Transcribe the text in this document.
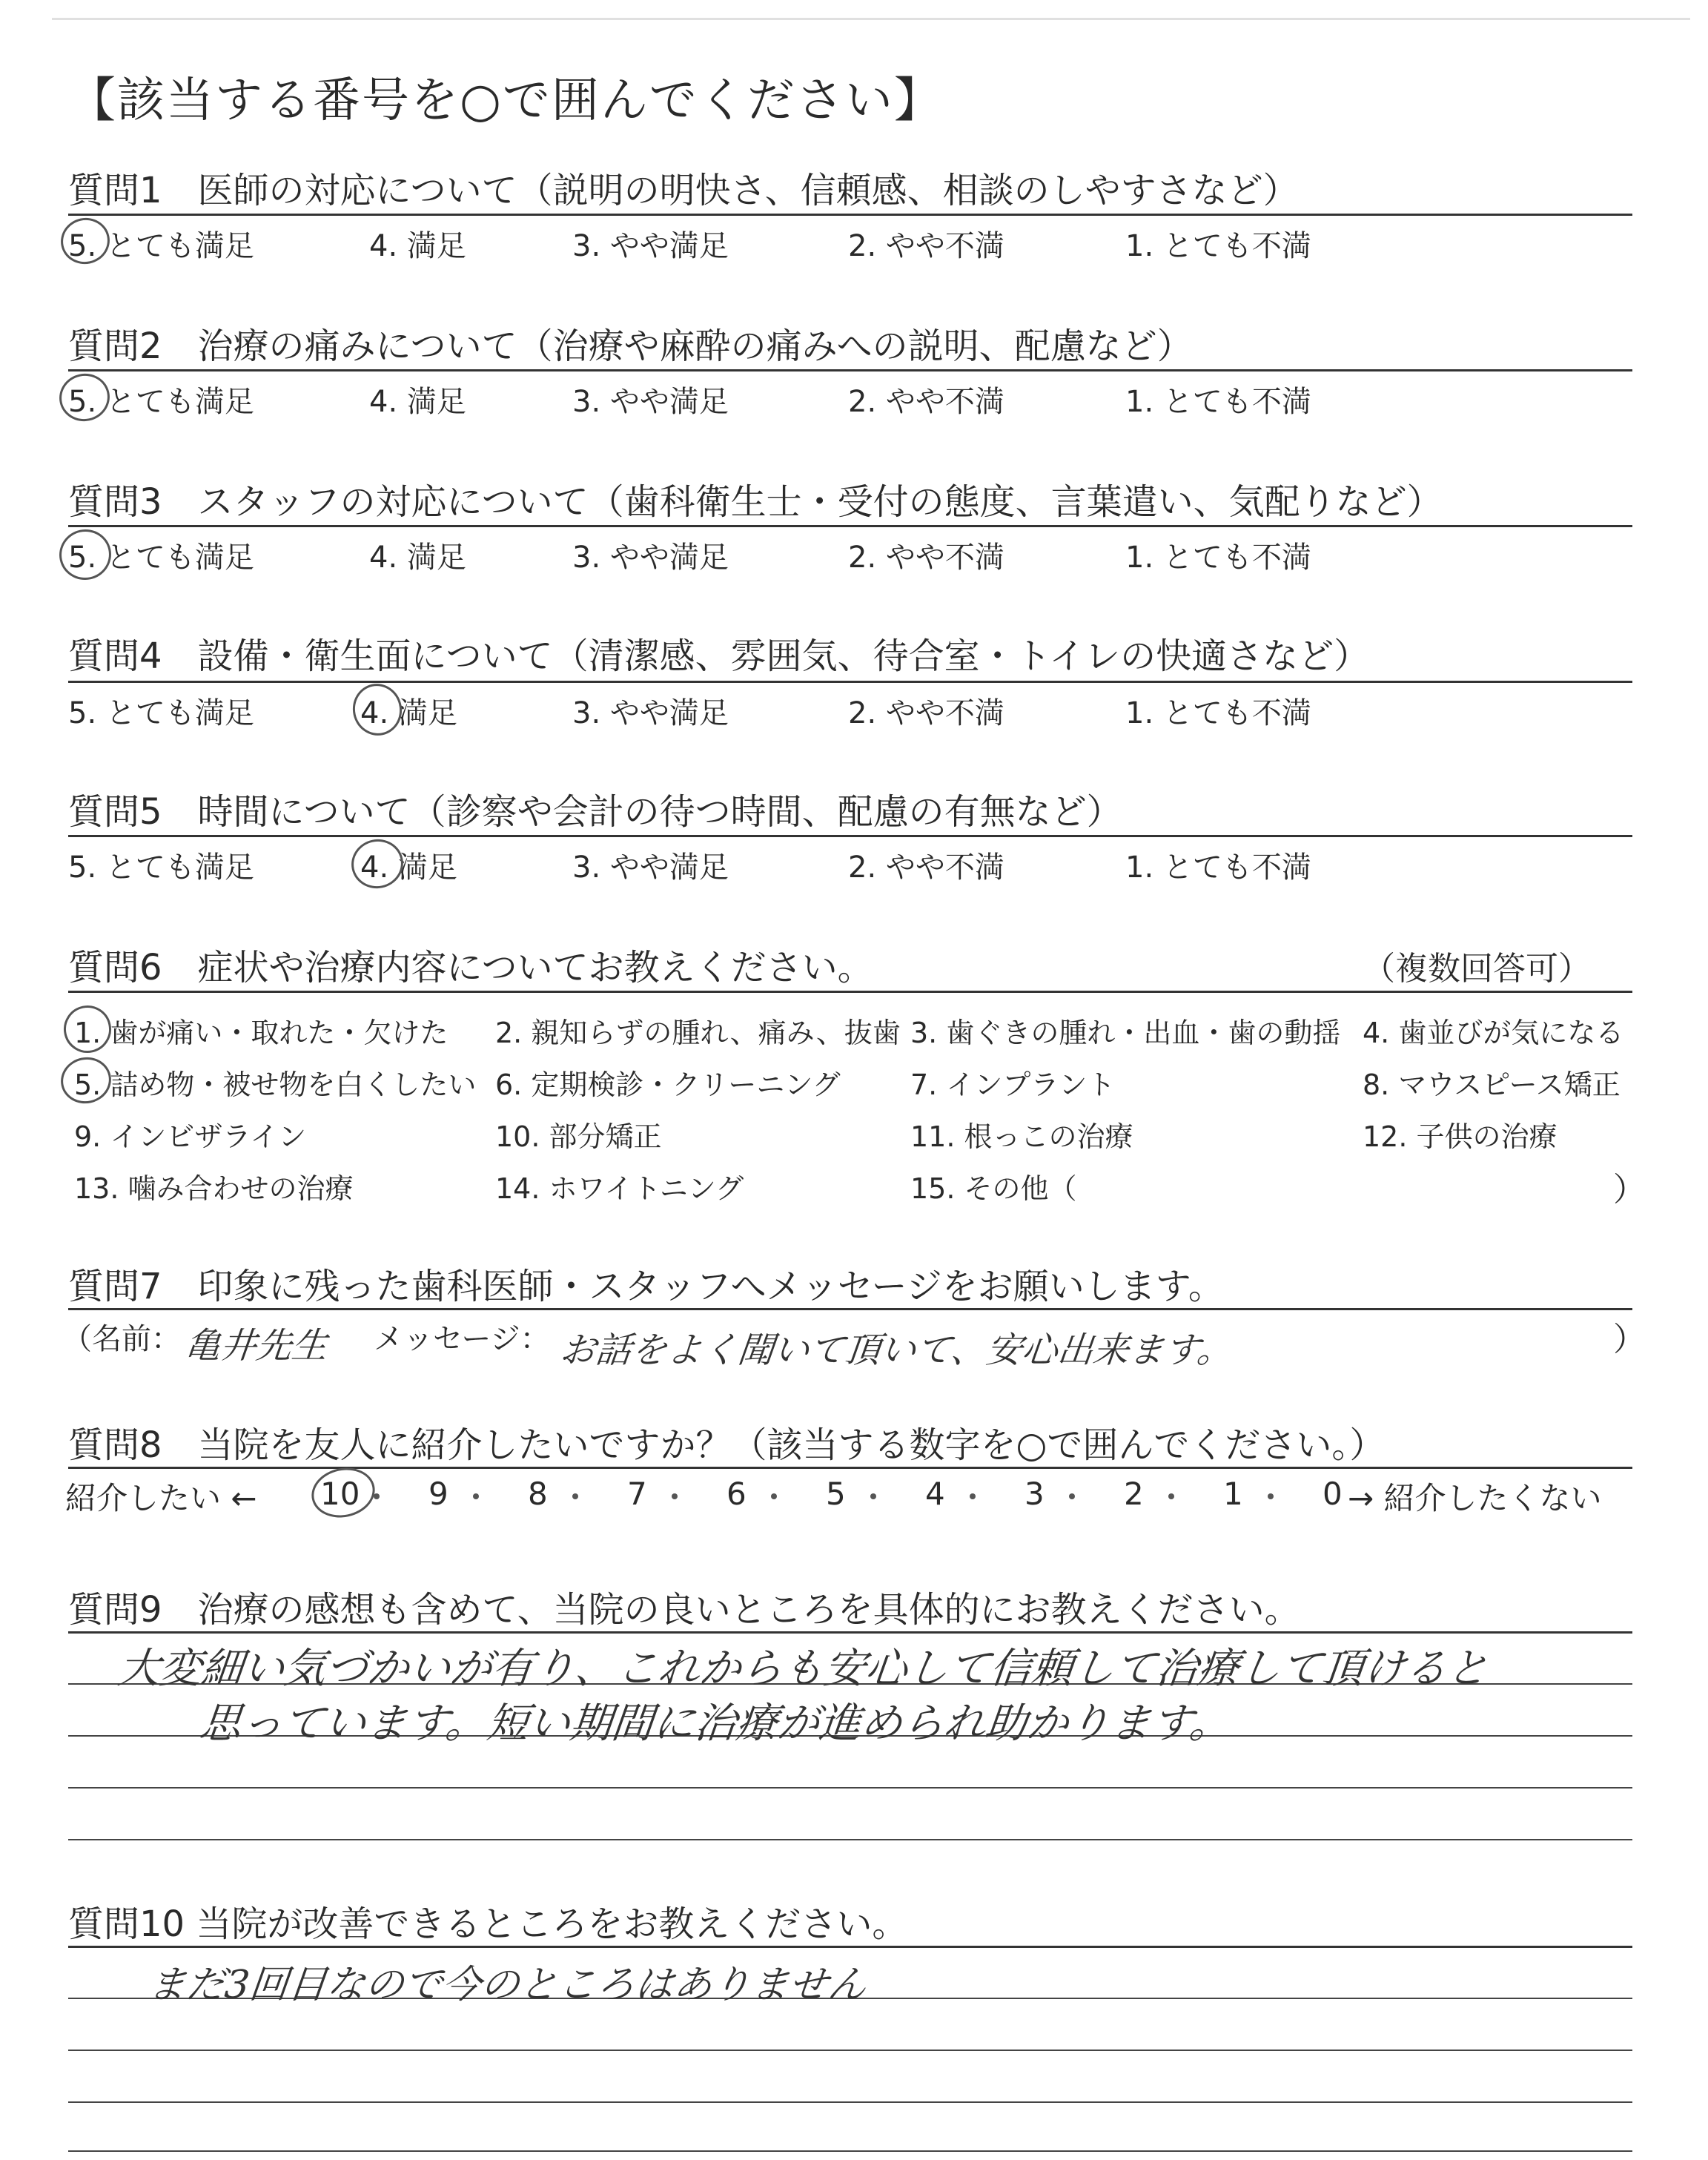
【該当する番号を○で囲んでください】
質問1　医師の対応について（説明の明快さ、信頼感、相談のしやすさなど）
5. とても満足	4. 満足	3. やや満足	2. やや不満	1. とても不満
質問2　治療の痛みについて（治療や麻酔の痛みへの説明、配慮など）
5. とても満足	4. 満足	3. やや満足	2. やや不満	1. とても不満
質問3　スタッフの対応について（歯科衛生士・受付の態度、言葉遣い、気配りなど）
5. とても満足	4. 満足	3. やや満足	2. やや不満	1. とても不満
質問4　設備・衛生面について（清潔感、雰囲気、待合室・トイレの快適さなど）
5. とても満足	4. 満足	3. やや満足	2. やや不満	1. とても不満
質問5　時間について（診察や会計の待つ時間、配慮の有無など）
5. とても満足	4. 満足	3. やや満足	2. やや不満	1. とても不満
質問6　症状や治療内容についてお教えください。	（複数回答可）
1. 歯が痛い・取れた・欠けた 2. 親知らずの腫れ、痛み、抜歯 3. 歯ぐきの腫れ・出血・歯の動揺 4. 歯並びが気になる
5. 詰め物・被せ物を白くしたい 6. 定期検診・クリーニング 7. インプラント	8. マウスピース矯正
9. インビザライン	10. 部分矯正	11. 根っこの治療	12. 子供の治療
13. 噛み合わせの治療	14. ホワイトニング	15. その他（	）
質問7　印象に残った歯科医師・スタッフへメッセージをお願いします。
（名前： 亀井先生 メッセージ： お話をよく聞いて頂いて、安心出来ます。	）
質問8　当院を友人に紹介したいですか？（該当する数字を○で囲んでください。）
紹介したい ← 10 9	8	7	6	5	4	3	2	1	0 → 紹介したくない
質問9　治療の感想も含めて、当院の良いところを具体的にお教えください。
大変細い気づかいが有り、これからも安心して信頼して治療して頂けると
思っています。短い期間に治療が進められ助かります。
質問10 当院が改善できるところをお教えください。
まだ3回目なので今のところはありません
